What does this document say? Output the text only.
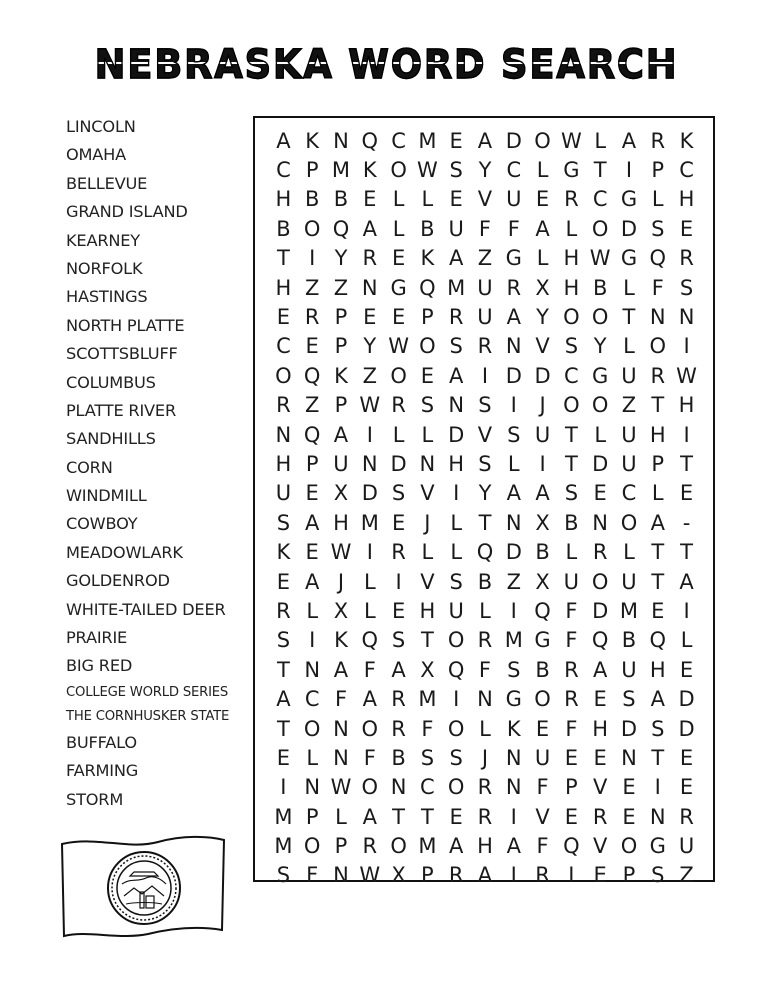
NEBRASKA WORD SEARCH
LINCOLN
OMAHA
BELLEVUE
GRAND ISLAND
KEARNEY
NORFOLK
HASTINGS
NORTH PLATTE
SCOTTSBLUFF
COLUMBUS
PLATTE RIVER
SANDHILLS
CORN
WINDMILL
COWBOY
MEADOWLARK
GOLDENROD
WHITE-TAILED DEER
PRAIRIE
BIG RED
COLLEGE WORLD SERIES
THE CORNHUSKER STATE
BUFFALO
FARMING
STORM
A K N Q C M E A D O W L A R K
C P M K O W S Y C L G T I P C
H B B E L L E V U E R C G L H
B O Q A L B U F F A L O D S E
T I Y R E K A Z G L H W G Q R
H Z Z N G Q M U R X H B L F S
E R P E E P R U A Y O O T N N
C E P Y W O S R N V S Y L O I
O Q K Z O E A I D D C G U R W
R Z P W R S N S I	J O O Z T H
N Q A I L L D V S U T L U H I
H P U N D N H S L I T D U P T
U E X D S V I Y A A S E C L E
S A H M E J L T N X B N O A -
K E W I R L L Q D B L R L T T
E A J L I V S B Z X U O U T A
R L X L E H U L I Q F D M E I
S I K Q S T O R M G F Q B Q L
T N A F A X Q F S B R A U H E
A C F A R M I N G O R E S A D
T O N O R F O L K E F H D S D
E L N F B S S J N U E E N T E
I N W O N C O R N F P V E I E
M P L A T T E R I V E R E N R
M O P R O M A H A F Q V O G U
S F N W X P R A I R I E P S Z
